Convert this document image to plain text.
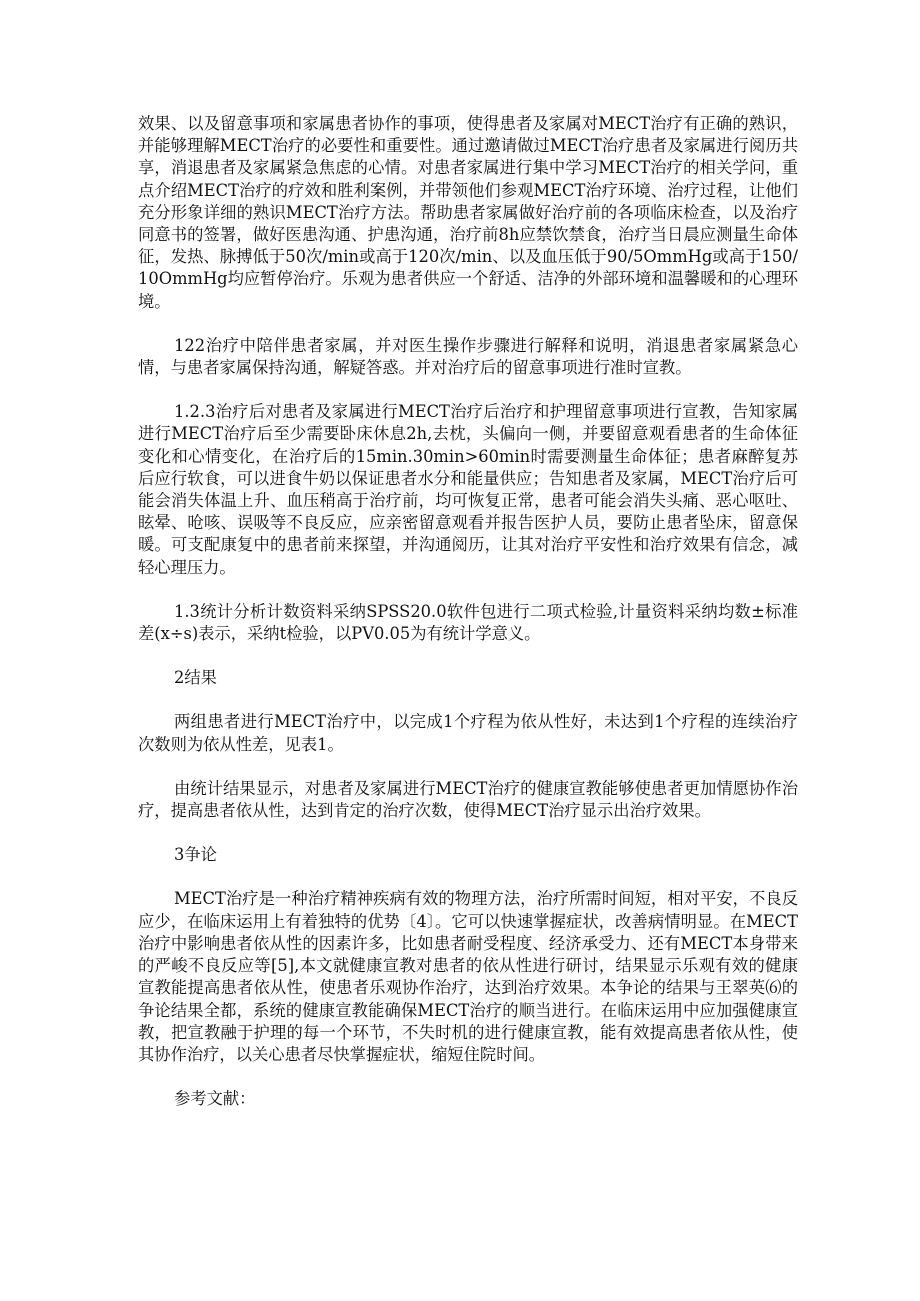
效果、以及留意事项和家属患者协作的事项，使得患者及家属对MECT治疗有正确的熟识，并能够理解MECT治疗的必要性和重要性。通过邀请做过MECT治疗患者及家属进行阅历共享，消退患者及家属紧急焦虑的心情。对患者家属进行集中学习MECT治疗的相关学问，重点介绍MECT治疗的疗效和胜利案例，并带领他们参观MECT治疗环境、治疗过程，让他们充分形象详细的熟识MECT治疗方法。帮助患者家属做好治疗前的各项临床检查，以及治疗同意书的签署，做好医患沟通、护患沟通，治疗前8h应禁饮禁食，治疗当日晨应测量生命体征，发热、脉搏低于50次/min或高于120次/min、以及血压低于90/5OmmHg或高于150/10OmmHg均应暂停治疗。乐观为患者供应一个舒适、洁净的外部环境和温馨暖和的心理环境。

122治疗中陪伴患者家属，并对医生操作步骤进行解释和说明，消退患者家属紧急心情，与患者家属保持沟通，解疑答惑。并对治疗后的留意事项进行准时宣教。

1.2.3治疗后对患者及家属进行MECT治疗后治疗和护理留意事项进行宣教，告知家属进行MECT治疗后至少需要卧床休息2h,去枕，头偏向一侧，并要留意观看患者的生命体征变化和心情变化，在治疗后的15min.30min>60min时需要测量生命体征；患者麻醉复苏后应行软食，可以进食牛奶以保证患者水分和能量供应；告知患者及家属，MECT治疗后可能会消失体温上升、血压稍高于治疗前，均可恢复正常，患者可能会消失头痛、恶心呕吐、眩晕、呛咳、误吸等不良反应，应亲密留意观看并报告医护人员，要防止患者坠床，留意保暖。可支配康复中的患者前来探望，并沟通阅历，让其对治疗平安性和治疗效果有信念，减轻心理压力。

1.3统计分析计数资料采纳SPSS20.0软件包进行二项式检验,计量资料采纳均数±标准差(x÷s)表示，采纳t检验，以PV0.05为有统计学意义。

2结果

两组患者进行MECT治疗中，以完成1个疗程为依从性好，未达到1个疗程的连续治疗次数则为依从性差，见表1。

由统计结果显示，对患者及家属进行MECT治疗的健康宣教能够使患者更加情愿协作治疗，提高患者依从性，达到肯定的治疗次数，使得MECT治疗显示出治疗效果。

3争论

MECT治疗是一种治疗精神疾病有效的物理方法，治疗所需时间短，相对平安，不良反应少，在临床运用上有着独特的优势〔4〕。它可以快速掌握症状，改善病情明显。在MECT治疗中影响患者依从性的因素许多，比如患者耐受程度、经济承受力、还有MECT本身带来的严峻不良反应等[5],本文就健康宣教对患者的依从性进行研讨，结果显示乐观有效的健康宣教能提高患者依从性，使患者乐观协作治疗，达到治疗效果。本争论的结果与王翠英⑹的争论结果全都，系统的健康宣教能确保MECT治疗的顺当进行。在临床运用中应加强健康宣教，把宣教融于护理的每一个环节，不失时机的进行健康宣教，能有效提高患者依从性，使其协作治疗，以关心患者尽快掌握症状，缩短住院时间。

参考文献：
